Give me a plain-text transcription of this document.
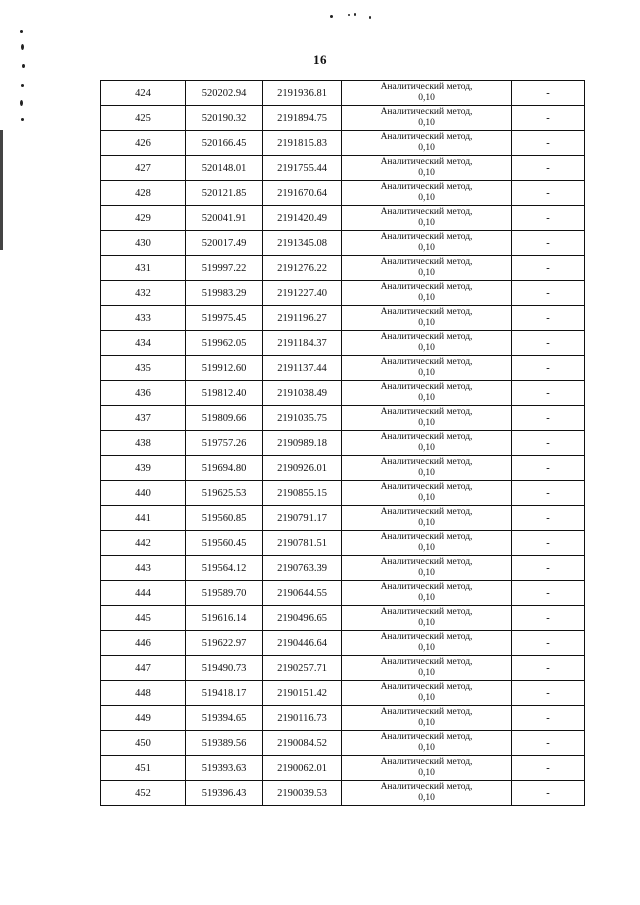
16
424	520202.94	2191936.81	Аналитический метод,
0,10	-
425	520190.32	2191894.75	Аналитический метод,
0,10	-
426	520166.45	2191815.83	Аналитический метод,
0,10	-
427	520148.01	2191755.44	Аналитический метод,
0,10	-
428	520121.85	2191670.64	Аналитический метод,
0,10	-
429	520041.91	2191420.49	Аналитический метод,
0,10	-
430	520017.49	2191345.08	Аналитический метод,
0,10	-
431	519997.22	2191276.22	Аналитический метод,
0,10	-
432	519983.29	2191227.40	Аналитический метод,
0,10	-
433	519975.45	2191196.27	Аналитический метод,
0,10	-
434	519962.05	2191184.37	Аналитический метод,
0,10	-
435	519912.60	2191137.44	Аналитический метод,
0,10	-
436	519812.40	2191038.49	Аналитический метод,
0,10	-
437	519809.66	2191035.75	Аналитический метод,
0,10	-
438	519757.26	2190989.18	Аналитический метод,
0,10	-
439	519694.80	2190926.01	Аналитический метод,
0,10	-
440	519625.53	2190855.15	Аналитический метод,
0,10	-
441	519560.85	2190791.17	Аналитический метод,
0,10	-
442	519560.45	2190781.51	Аналитический метод,
0,10	-
443	519564.12	2190763.39	Аналитический метод,
0,10	-
444	519589.70	2190644.55	Аналитический метод,
0,10	-
445	519616.14	2190496.65	Аналитический метод,
0,10	-
446	519622.97	2190446.64	Аналитический метод,
0,10	-
447	519490.73	2190257.71	Аналитический метод,
0,10	-
448	519418.17	2190151.42	Аналитический метод,
0,10	-
449	519394.65	2190116.73	Аналитический метод,
0,10	-
450	519389.56	2190084.52	Аналитический метод,
0,10	-
451	519393.63	2190062.01	Аналитический метод,
0,10	-
452	519396.43	2190039.53	Аналитический метод,
0,10	-
